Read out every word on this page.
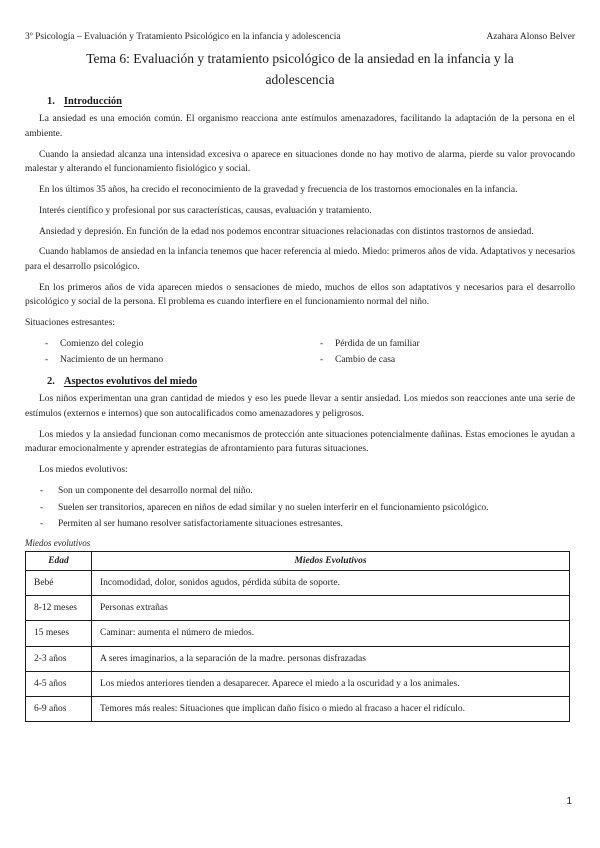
3º Psicología – Evaluación y Tratamiento Psicológico en la infancia y adolescencia	Azahara Alonso Belver
Tema 6: Evaluación y tratamiento psicológico de la ansiedad en la infancia y la adolescencia
1. Introducción

La ansiedad es una emoción común. El organismo reacciona ante estímulos amenazadores, facilitando la adaptación de la persona en el ambiente.

Cuando la ansiedad alcanza una intensidad excesiva o aparece en situaciones donde no hay motivo de alarma, pierde su valor provocando malestar y alterando el funcionamiento fisiológico y social.

En los últimos 35 años, ha crecido el reconocimiento de la gravedad y frecuencia de los trastornos emocionales en la infancia.

Interés científico y profesional por sus características, causas, evaluación y tratamiento.

Ansiedad y depresión. En función de la edad nos podemos encontrar situaciones relacionadas con distintos trastornos de ansiedad.

Cuando hablamos de ansiedad en la infancia tenemos que hacer referencia al miedo. Miedo: primeros años de vida. Adaptativos y necesarios para el desarrollo psicológico.

En los primeros años de vida aparecen miedos o sensaciones de miedo, muchos de ellos son adaptativos y necesarios para el desarrollo psicológico y social de la persona. El problema es cuando interfiere en el funcionamiento normal del niño.

Situaciones estresantes:

-	Comienzo del colegio	-	Pérdida de un familiar
-	Nacimiento de un hermano	-	Cambio de casa
2. Aspectos evolutivos del miedo

Los niños experimentan una gran cantidad de miedos y eso les puede llevar a sentir ansiedad. Los miedos son reacciones ante una serie de estímulos (externos e internos) que son autocalificados como amenazadores y peligrosos.

Los miedos y la ansiedad funcionan como mecanismos de protección ante situaciones potencialmente dañinas. Estas emociones le ayudan a madurar emocionalmente y aprender estrategias de afrontamiento para futuras situaciones.

Los miedos evolutivos:

-	Son un componente del desarrollo normal del niño.
-	Suelen ser transitorios, aparecen en niños de edad similar y no suelen interferir en el funcionamiento psicológico.
-	Permiten al ser humano resolver satisfactoriamente situaciones estresantes.
Miedos evolutivos
Edad	Miedos Evolutivos
Bebé	Incomodidad, dolor, sonidos agudos, pérdida súbita de soporte.
8-12 meses	Personas extrañas
15 meses	Caminar: aumenta el número de miedos.
2-3 años	A seres imaginarios, a la separación de la madre. personas disfrazadas
4-5 años	Los miedos anteriores tienden a desaparecer. Aparece el miedo a la oscuridad y a los animales.
6-9 años	Temores más reales: Situaciones que implican daño físico o miedo al fracaso a hacer el ridículo.
1
